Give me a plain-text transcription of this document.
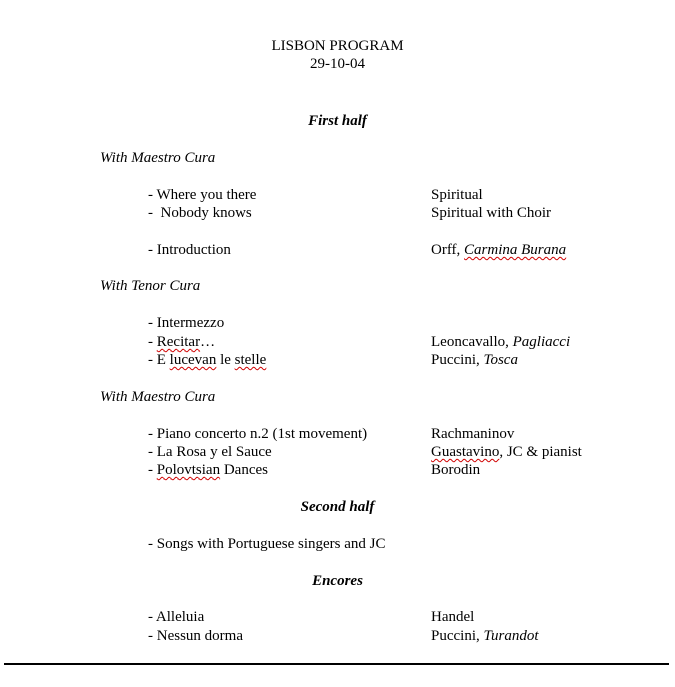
LISBON PROGRAM
29-10-04
First half
With Maestro Cura
- Where you there	Spiritual
-  Nobody knows	Spiritual with Choir
- Introduction	Orff, Carmina Burana
With Tenor Cura
- Intermezzo
- Recitar…	Leoncavallo, Pagliacci
- E lucevan le stelle	Puccini, Tosca
With Maestro Cura
- Piano concerto n.2 (1st movement)	Rachmaninov
- La Rosa y el Sauce	Guastavino, JC & pianist
- Polovtsian Dances	Borodin
Second half
- Songs with Portuguese singers and JC
Encores
- Alleluia	Handel
- Nessun dorma	Puccini, Turandot
